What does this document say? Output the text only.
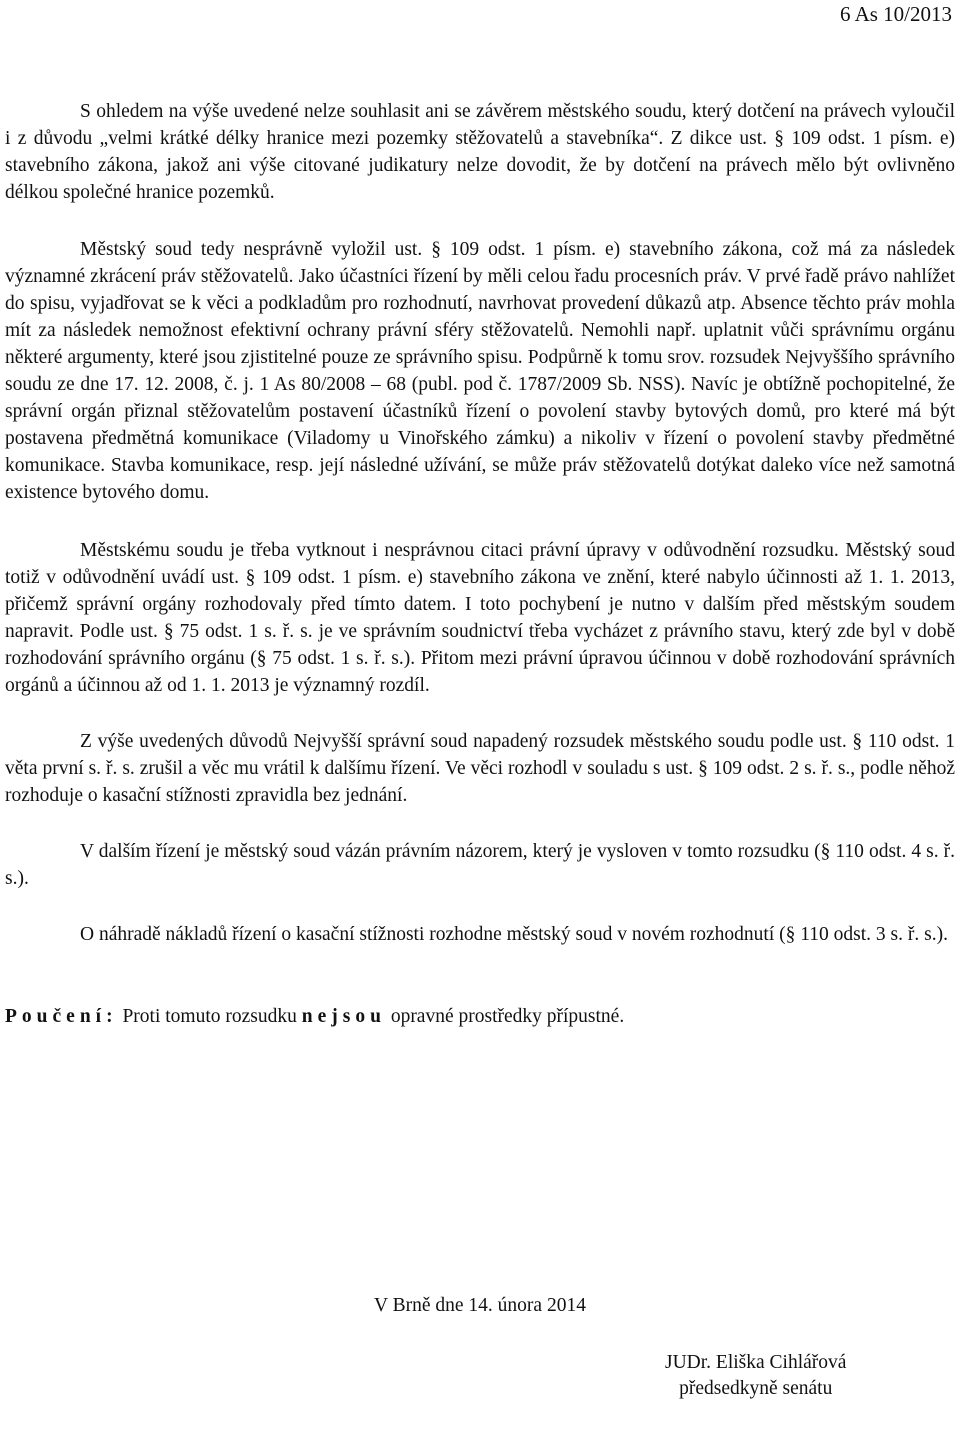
6 As 10/2013

S ohledem na výše uvedené nelze souhlasit ani se závěrem městského soudu, který dotčení na právech vyloučil i z důvodu „velmi krátké délky hranice mezi pozemky stěžovatelů a stavebníka“. Z dikce ust. § 109 odst. 1 písm. e) stavebního zákona, jakož ani výše citované judikatury nelze dovodit, že by dotčení na právech mělo být ovlivněno délkou společné hranice pozemků.

Městský soud tedy nesprávně vyložil ust. § 109 odst. 1 písm. e) stavebního zákona, což má za následek významné zkrácení práv stěžovatelů. Jako účastníci řízení by měli celou řadu procesních práv. V prvé řadě právo nahlížet do spisu, vyjadřovat se k věci a podkladům pro rozhodnutí, navrhovat provedení důkazů atp. Absence těchto práv mohla mít za následek nemožnost efektivní ochrany právní sféry stěžovatelů. Nemohli např. uplatnit vůči správnímu orgánu některé argumenty, které jsou zjistitelné pouze ze správního spisu. Podpůrně k tomu srov. rozsudek Nejvyššího správního soudu ze dne 17. 12. 2008, č. j. 1 As 80/2008 – 68 (publ. pod č. 1787/2009 Sb. NSS). Navíc je obtížně pochopitelné, že správní orgán přiznal stěžovatelům postavení účastníků řízení o povolení stavby bytových domů, pro které má být postavena předmětná komunikace (Viladomy u Vinořského zámku) a nikoliv v řízení o povolení stavby předmětné komunikace. Stavba komunikace, resp. její následné užívání, se může práv stěžovatelů dotýkat daleko více než samotná existence bytového domu.

Městskému soudu je třeba vytknout i nesprávnou citaci právní úpravy v odůvodnění rozsudku. Městský soud totiž v odůvodnění uvádí ust. § 109 odst. 1 písm. e) stavebního zákona ve znění, které nabylo účinnosti až 1. 1. 2013, přičemž správní orgány rozhodovaly před tímto datem. I toto pochybení je nutno v dalším před městským soudem napravit. Podle ust. § 75 odst. 1 s. ř. s. je ve správním soudnictví třeba vycházet z právního stavu, který zde byl v době rozhodování správního orgánu (§ 75 odst. 1 s. ř. s.). Přitom mezi právní úpravou účinnou v době rozhodování správních orgánů a účinnou až od 1. 1. 2013 je významný rozdíl.

Z výše uvedených důvodů Nejvyšší správní soud napadený rozsudek městského soudu podle ust. § 110 odst. 1 věta první s. ř. s. zrušil a věc mu vrátil k dalšímu řízení. Ve věci rozhodl v souladu s ust. § 109 odst. 2 s. ř. s., podle něhož rozhoduje o kasační stížnosti zpravidla bez jednání.

V dalším řízení je městský soud vázán právním názorem, který je vysloven v tomto rozsudku (§ 110 odst. 4 s. ř. s.).

O náhradě nákladů řízení o kasační stížnosti rozhodne městský soud v novém rozhodnutí (§ 110 odst. 3 s. ř. s.).

Poučení: Proti tomuto rozsudku nejsou opravné prostředky přípustné.

V Brně dne 14. února 2014
JUDr. Eliška Cihlářová
předsedkyně senátu
